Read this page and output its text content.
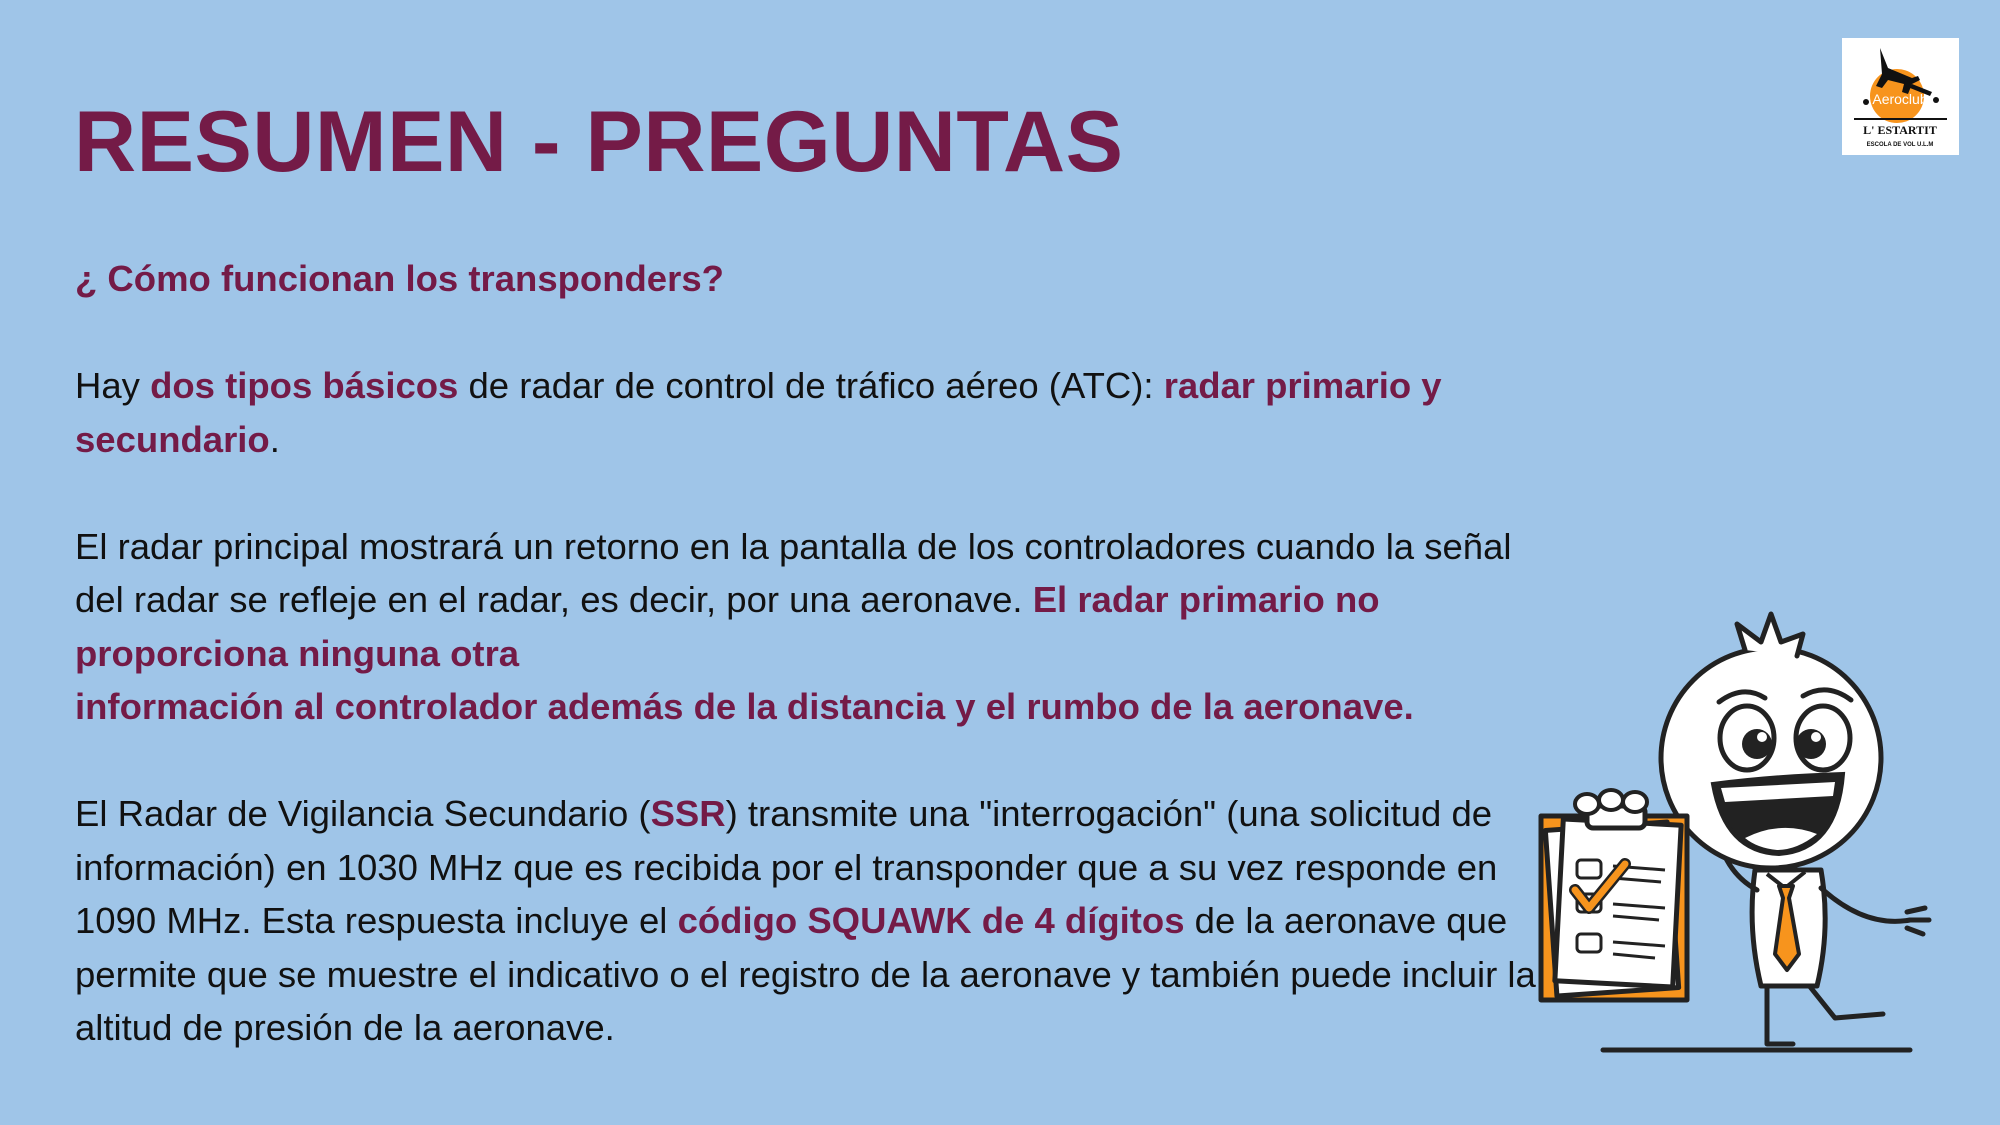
RESUMEN - PREGUNTAS	Aeroclub
L' ESTARTIT
ESCOLA DE VOL U.L.M

¿ Cómo funcionan los transponders?

Hay dos tipos básicos de radar de control de tráfico aéreo (ATC): radar primario y secundario.

El radar principal mostrará un retorno en la pantalla de los controladores cuando la señal del radar se refleje en el radar, es decir, por una aeronave. El radar primario no proporciona ninguna otra
información al controlador además de la distancia y el rumbo de la aeronave.

El Radar de Vigilancia Secundario (SSR) transmite una "interrogación" (una solicitud de información) en 1030 MHz que es recibida por el transponder que a su vez responde en 1090 MHz. Esta respuesta incluye el código SQUAWK de 4 dígitos de la aeronave que permite que se muestre el indicativo o el registro de la aeronave y también puede incluir la altitud de presión de la aeronave.
